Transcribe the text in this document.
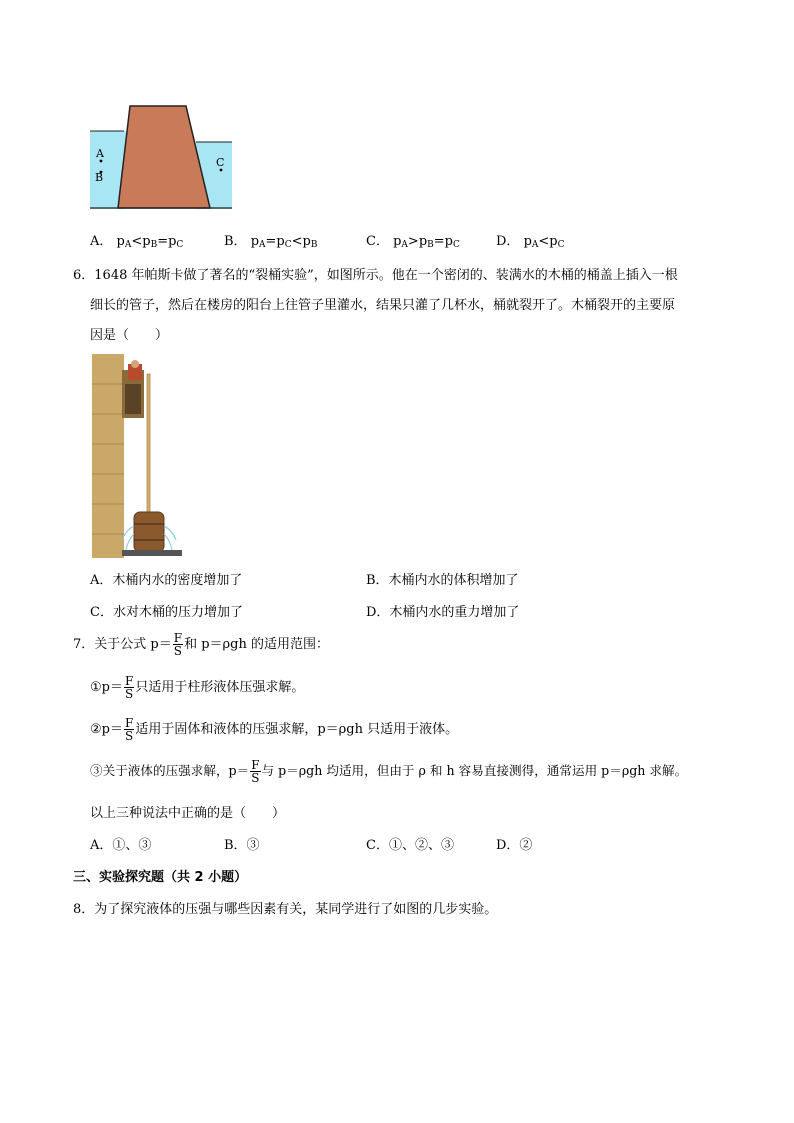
A
B
C
A． $p_A<p_B=p_C$	B． $p_A=p_C<p_B$	C． $p_A>p_B=p_C$	D． $p_A<p_C$
6．1648 年帕斯卡做了著名的“裂桶实验”，如图所示。他在一个密闭的、装满水的木桶的桶盖上插入一根
细长的管子，然后在楼房的阳台上往管子里灌水，结果只灌了几杯水，桶就裂开了。木桶裂开的主要原
因是（　　）
A．木桶内水的密度增加了	B．木桶内水的体积增加了
C．水对木桶的压力增加了	D．木桶内水的重力增加了
7．关于公式 $p= \frac{F}{S}$ 和 p＝ρgh 的适用范围：
①p＝ $\frac{F}{S}$ 只适用于柱形液体压强求解。
②p＝ $\frac{F}{S}$ 适用于固体和液体的压强求解，p＝ρgh 只适用于液体。
③关于液体的压强求解，$p= \frac{F}{S}$ 与 p＝ρgh 均适用，但由于 ρ 和 h 容易直接测得，通常运用 p＝ρgh 求解。
以上三种说法中正确的是（　　）
A．①、③	B．③	C．①、②、③	D．②
三、实验探究题（共 2 小题）
8．为了探究液体的压强与哪些因素有关，某同学进行了如图的几步实验。
